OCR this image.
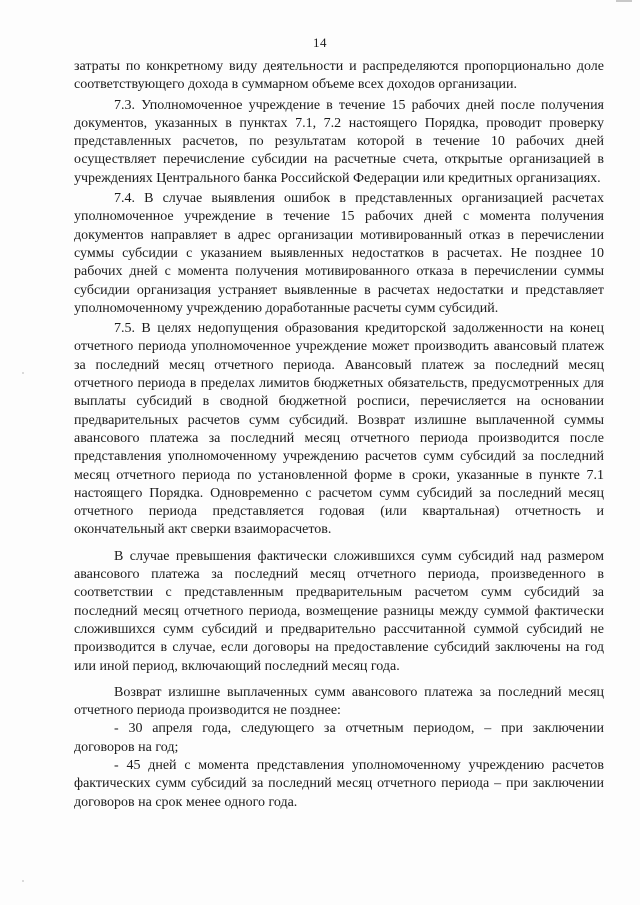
14

затраты по конкретному виду деятельности и распределяются пропорционально доле соответствующего дохода в суммарном объеме всех доходов организации.

7.3. Уполномоченное учреждение в течение 15 рабочих дней после получения документов, указанных в пунктах 7.1, 7.2 настоящего Порядка, проводит проверку представленных расчетов, по результатам которой в течение 10 рабочих дней осуществляет перечисление субсидии на расчетные счета, открытые организацией в учреждениях Центрального банка Российской Федерации или кредитных организациях.

7.4. В случае выявления ошибок в представленных организацией расчетах уполномоченное учреждение в течение 15 рабочих дней с момента получения документов направляет в адрес организации мотивированный отказ в перечислении суммы субсидии с указанием выявленных недостатков в расчетах. Не позднее 10 рабочих дней с момента получения мотивированного отказа в перечислении суммы субсидии организация устраняет выявленные в расчетах недостатки и представляет уполномоченному учреждению доработанные расчеты сумм субсидий.

7.5. В целях недопущения образования кредиторской задолженности на конец отчетного периода уполномоченное учреждение может производить авансовый платеж за последний месяц отчетного периода. Авансовый платеж за последний месяц отчетного периода в пределах лимитов бюджетных обязательств, предусмотренных для выплаты субсидий в сводной бюджетной росписи, перечисляется на основании предварительных расчетов сумм субсидий. Возврат излишне выплаченной суммы авансового платежа за последний месяц отчетного периода производится после представления уполномоченному учреждению расчетов сумм субсидий за последний месяц отчетного периода по установленной форме в сроки, указанные в пункте 7.1 настоящего Порядка. Одновременно с расчетом сумм субсидий за последний месяц отчетного периода представляется годовая (или квартальная) отчетность и окончательный акт сверки взаиморасчетов.

В случае превышения фактически сложившихся сумм субсидий над размером авансового платежа за последний месяц отчетного периода, произведенного в соответствии с представленным предварительным расчетом сумм субсидий за последний месяц отчетного периода, возмещение разницы между суммой фактически сложившихся сумм субсидий и предварительно рассчитанной суммой субсидий не производится в случае, если договоры на предоставление субсидий заключены на год или иной период, включающий последний месяц года.

Возврат излишне выплаченных сумм авансового платежа за последний месяц отчетного периода производится не позднее:

- 30 апреля года, следующего за отчетным периодом, – при заключении договоров на год;

- 45 дней с момента представления уполномоченному учреждению расчетов фактических сумм субсидий за последний месяц отчетного периода – при заключении договоров на срок менее одного года.
